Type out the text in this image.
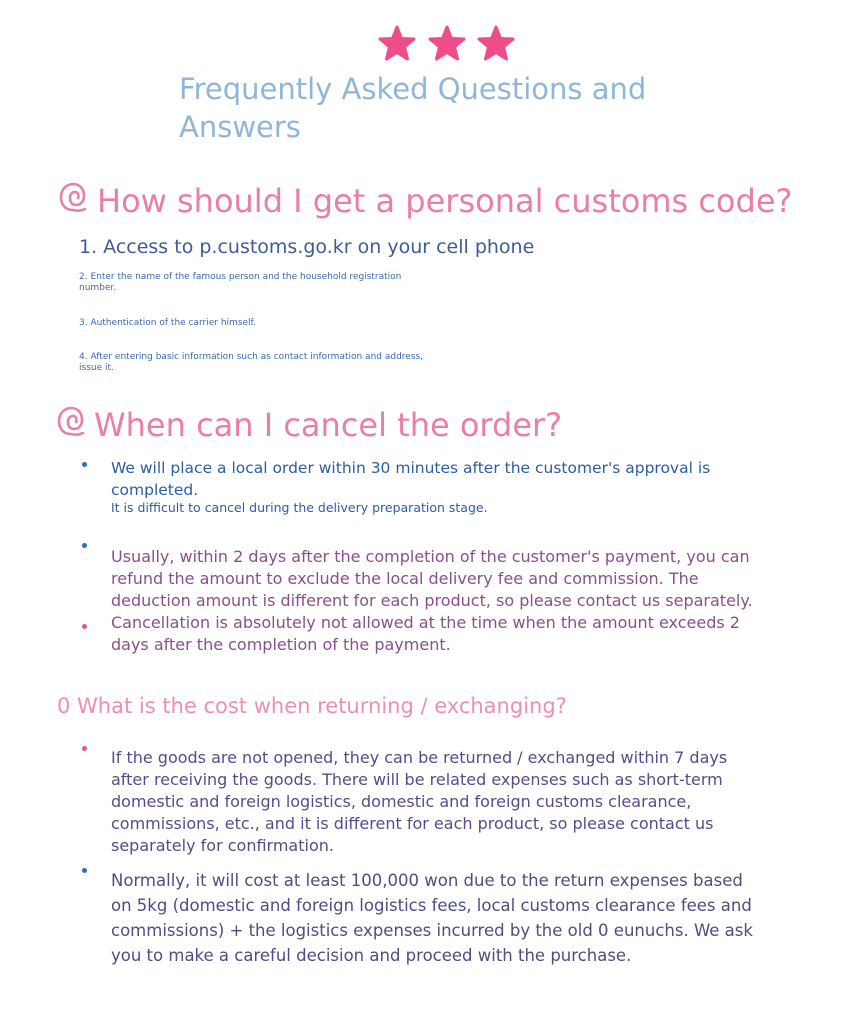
Frequently Asked Questions and Answers
How should I get a personal customs code?
1. Access to p.customs.go.kr on your cell phone
2. Enter the name of the famous person and the household registration number.
3. Authentication of the carrier himself.
4. After entering basic information such as contact information and address, issue it.
When can I cancel the order?
We will place a local order within 30 minutes after the customer's approval is completed.
It is difficult to cancel during the delivery preparation stage.
Usually, within 2 days after the completion of the customer's payment, you can refund the amount to exclude the local delivery fee and commission. The deduction amount is different for each product, so please contact us separately. Cancellation is absolutely not allowed at the time when the amount exceeds 2 days after the completion of the payment.
0 What is the cost when returning / exchanging?
If the goods are not opened, they can be returned / exchanged within 7 days after receiving the goods. There will be related expenses such as short-term domestic and foreign logistics, domestic and foreign customs clearance, commissions, etc., and it is different for each product, so please contact us separately for confirmation.
Normally, it will cost at least 100,000 won due to the return expenses based on 5kg (domestic and foreign logistics fees, local customs clearance fees and commissions) + the logistics expenses incurred by the old 0 eunuchs. We ask you to make a careful decision and proceed with the purchase.
